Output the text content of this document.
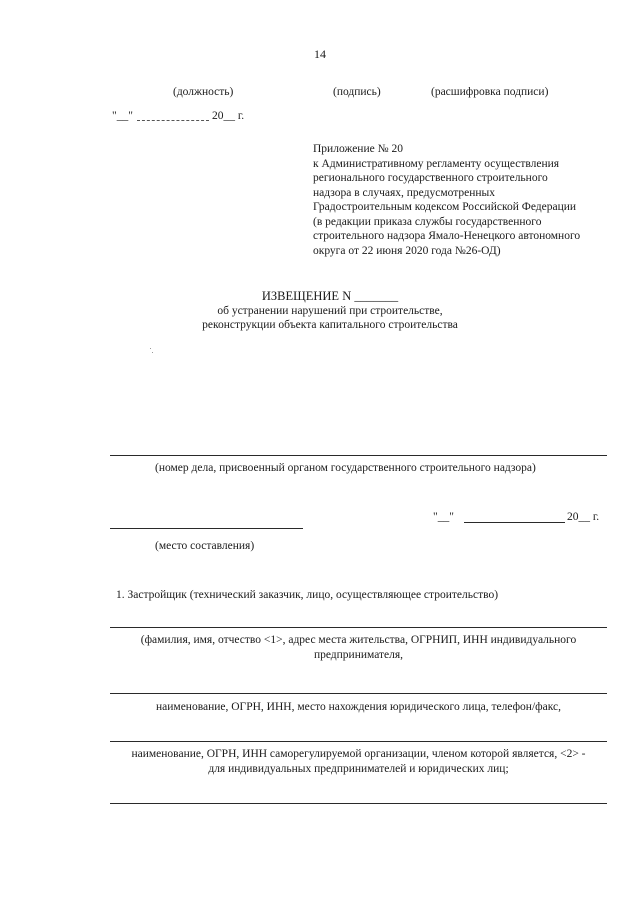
14
(должность)	(подпись)	(расшифровка подписи)
"__"	20__ г.
Приложение № 20
к Административному регламенту осуществления
регионального государственного строительного
надзора в случаях, предусмотренных
Градостроительным кодексом Российской Федерации
(в редакции приказа службы государственного
строительного надзора Ямало-Ненецкого автономного
округа от 22 июня 2020 года №26-ОД)
ИЗВЕЩЕНИЕ N _______
об устранении нарушений при строительстве,
реконструкции объекта капитального строительства
(номер дела, присвоенный органом государственного строительного надзора)
"__"	20__ г.
(место составления)
1. Застройщик (технический заказчик, лицо, осуществляющее строительство)
(фамилия, имя, отчество <1>, адрес места жительства, ОГРНИП, ИНН индивидуального
предпринимателя,
наименование, ОГРН, ИНН, место нахождения юридического лица, телефон/факс,
наименование, ОГРН, ИНН саморегулируемой организации, членом которой является, <2> -
для индивидуальных предпринимателей и юридических лиц;
